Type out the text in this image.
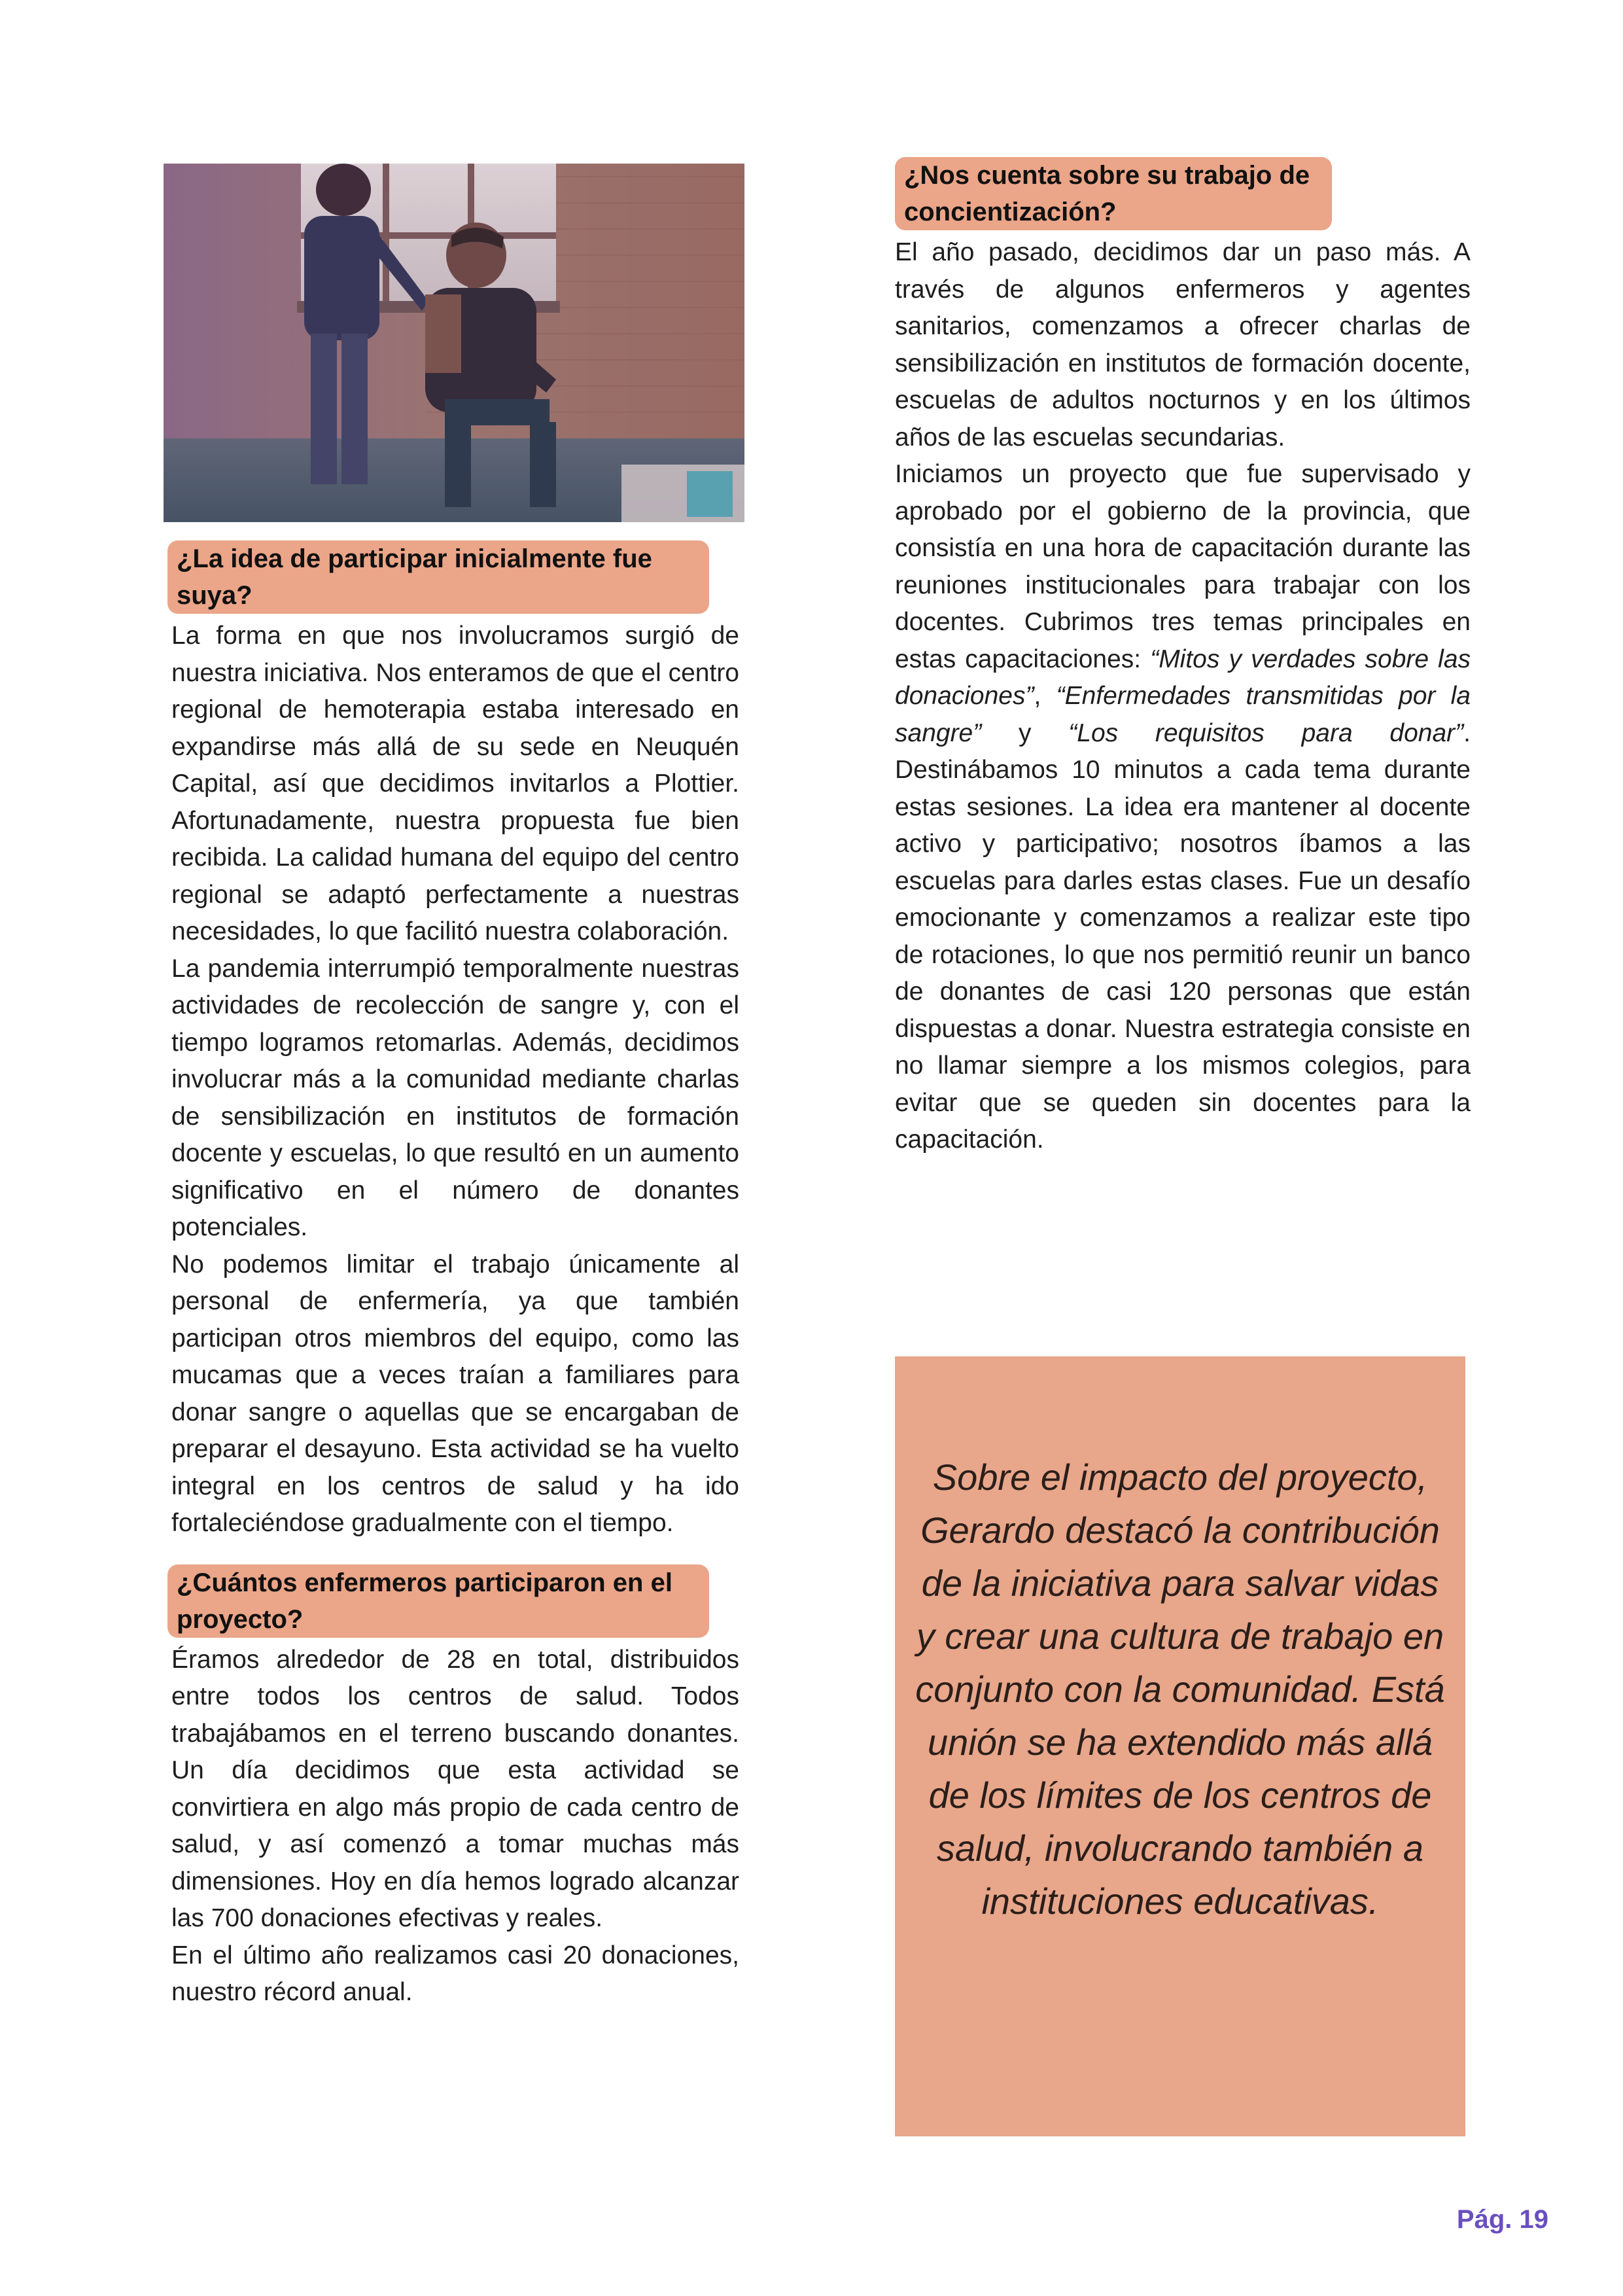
¿La idea de participar inicialmente fue suya?

La forma en que nos involucramos surgió de nuestra iniciativa. Nos enteramos de que el centro regional de hemoterapia estaba interesado en expandirse más allá de su sede en Neuquén Capital, así que decidimos invitarlos a Plottier. Afortunadamente, nuestra propuesta fue bien recibida. La calidad humana del equipo del centro regional se adaptó perfectamente a nuestras necesidades, lo que facilitó nuestra colaboración.

La pandemia interrumpió temporalmente nuestras actividades de recolección de sangre y, con el tiempo logramos retomarlas. Además, decidimos involucrar más a la comunidad mediante charlas de sensibilización en institutos de formación docente y escuelas, lo que resultó en un aumento significativo en el número de donantes potenciales.

No podemos limitar el trabajo únicamente al personal de enfermería, ya que también participan otros miembros del equipo, como las mucamas que a veces traían a familiares para donar sangre o aquellas que se encargaban de preparar el desayuno. Esta actividad se ha vuelto integral en los centros de salud y ha ido fortaleciéndose gradualmente con el tiempo.

¿Cuántos enfermeros participaron en el proyecto?

Éramos alrededor de 28 en total, distribuidos entre todos los centros de salud. Todos trabajábamos en el terreno buscando donantes. Un día decidimos que esta actividad se convirtiera en algo más propio de cada centro de salud, y así comenzó a tomar muchas más dimensiones. Hoy en día hemos logrado alcanzar las 700 donaciones efectivas y reales.

En el último año realizamos casi 20 donaciones, nuestro récord anual.

¿Nos cuenta sobre su trabajo de concientización?

El año pasado, decidimos dar un paso más. A través de algunos enfermeros y agentes sanitarios, comenzamos a ofrecer charlas de sensibilización en institutos de formación docente, escuelas de adultos nocturnos y en los últimos años de las escuelas secundarias.

Iniciamos un proyecto que fue supervisado y aprobado por el gobierno de la provincia, que consistía en una hora de capacitación durante las reuniones institucionales para trabajar con los docentes. Cubrimos tres temas principales en estas capacitaciones: “Mitos y verdades sobre las donaciones”, “Enfermedades transmitidas por la sangre” y “Los requisitos para donar”. Destinábamos 10 minutos a cada tema durante estas sesiones. La idea era mantener al docente activo y participativo; nosotros íbamos a las escuelas para darles estas clases. Fue un desafío emocionante y comenzamos a realizar este tipo de rotaciones, lo que nos permitió reunir un banco de donantes de casi 120 personas que están dispuestas a donar. Nuestra estrategia consiste en no llamar siempre a los mismos colegios, para evitar que se queden sin docentes para la capacitación.

Sobre el impacto del proyecto, Gerardo destacó la contribución de la iniciativa para salvar vidas y crear una cultura de trabajo en conjunto con la comunidad. Está unión se ha extendido más allá de los límites de los centros de salud, involucrando también a instituciones educativas.
Pág. 19
